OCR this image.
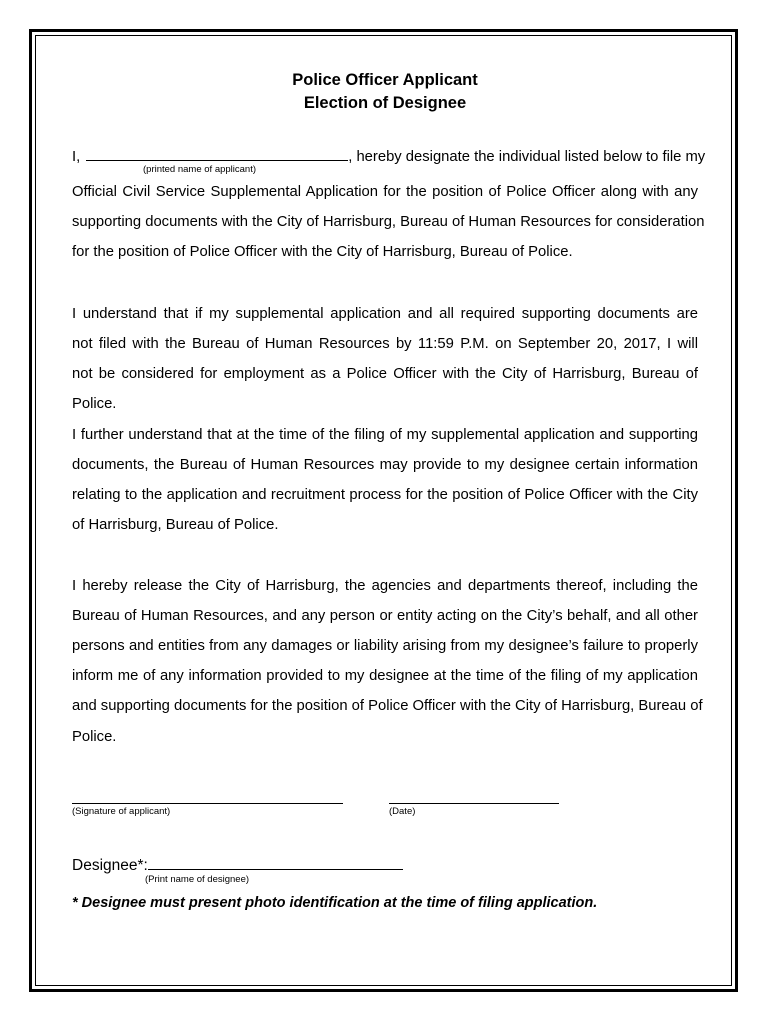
Police Officer Applicant
Election of Designee
I,	, hereby designate the individual listed below to file my
(printed name of applicant)
Official Civil Service Supplemental Application for the position of Police Officer along with any
supporting documents with the City of Harrisburg, Bureau of Human Resources for consideration
for the position of Police Officer with the City of Harrisburg, Bureau of Police.
I understand that if my supplemental application and all required supporting documents are
not filed with the Bureau of Human Resources by 11:59 P.M. on September 20, 2017, I will
not be considered for employment as a Police Officer with the City of Harrisburg, Bureau of
Police.
I further understand that at the time of the filing of my supplemental application and supporting
documents, the Bureau of Human Resources may provide to my designee certain information
relating to the application and recruitment process for the position of Police Officer with the City
of Harrisburg, Bureau of Police.
I hereby release the City of Harrisburg, the agencies and departments thereof, including the
Bureau of Human Resources, and any person or entity acting on the City’s behalf, and all other
persons and entities from any damages or liability arising from my designee’s failure to properly
inform me of any information provided to my designee at the time of the filing of my application
and supporting documents for the position of Police Officer with the City of Harrisburg, Bureau of
Police.
(Signature of applicant)	(Date)
Designee*:
(Print name of designee)
* Designee must present photo identification at the time of filing application.
